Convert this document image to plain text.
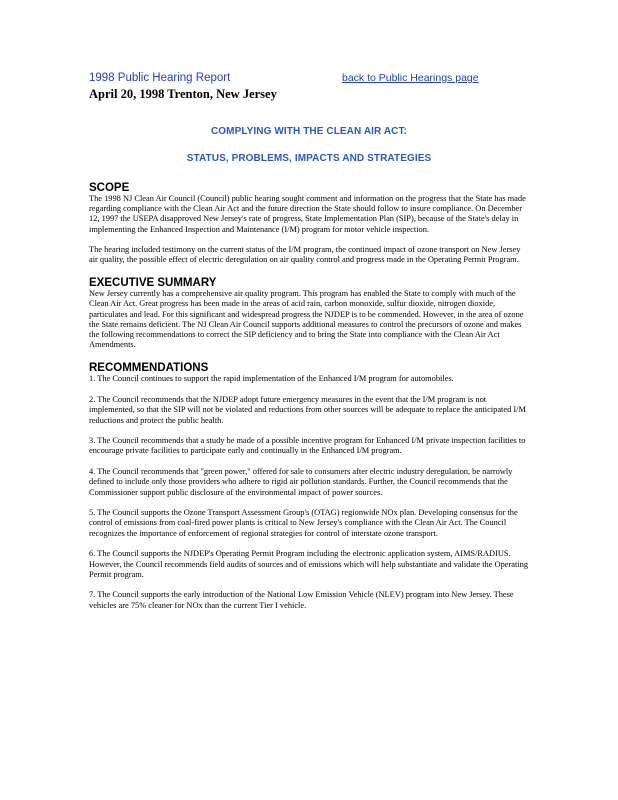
1998 Public Hearing Report	back to Public Hearings page
April 20, 1998 Trenton, New Jersey
COMPLYING WITH THE CLEAN AIR ACT:
STATUS, PROBLEMS, IMPACTS AND STRATEGIES
SCOPE

The 1998 NJ Clean Air Council (Council) public hearing sought comment and information on the progress that the State has made regarding compliance with the Clean Air Act and the future direction the State should follow to insure compliance. On December 12, 1997 the USEPA disapproved New Jersey's rate of progress, State Implementation Plan (SIP), because of the State's delay in implementing the Enhanced Inspection and Maintenance (I/M) program for motor vehicle inspection.

The hearing included testimony on the current status of the I/M program, the continued impact of ozone transport on New Jersey air quality, the possible effect of electric deregulation on air quality control and progress made in the Operating Permit Program.

EXECUTIVE SUMMARY

New Jersey currently has a comprehensive air quality program. This program has enabled the State to comply with much of the Clean Air Act. Great progress has been made in the areas of acid rain, carbon monoxide, sulfur dioxide, nitrogen dioxide, particulates and lead. For this significant and widespread progress the NJDEP is to be commended. However, in the area of ozone the State remains deficient. The NJ Clean Air Council supports additional measures to control the precursors of ozone and makes the following recommendations to correct the SIP deficiency and to bring the State into compliance with the Clean Air Act Amendments.

RECOMMENDATIONS

1. The Council continues to support the rapid implementation of the Enhanced I/M program for automobiles.

2. The Council recommends that the NJDEP adopt future emergency measures in the event that the I/M program is not implemented, so that the SIP will not be violated and reductions from other sources will be adequate to replace the anticipated I/M reductions and protect the public health.

3. The Council recommends that a study be made of a possible incentive program for Enhanced I/M private inspection facilities to encourage private facilities to participate early and continually in the Enhanced I/M program.

4. The Council recommends that "green power," offered for sale to consumers after electric industry deregulation, be narrowly defined to include only those providers who adhere to rigid air pollution standards. Further, the Council recommends that the Commissioner support public disclosure of the environmental impact of power sources.

5. The Council supports the Ozone Transport Assessment Group's (OTAG) regionwide NOx plan. Developing consensus for the control of emissions from coal-fired power plants is critical to New Jersey's compliance with the Clean Air Act. The Council recognizes the importance of enforcement of regional strategies for control of interstate ozone transport.

6. The Council supports the NJDEP's Operating Permit Program including the electronic application system, AIMS/RADIUS. However, the Council recommends field audits of sources and of emissions which will help substantiate and validate the Operating Permit program.

7. The Council supports the early introduction of the National Low Emission Vehicle (NLEV) program into New Jersey. These vehicles are 75% cleaner for NOx than the current Tier I vehicle.
